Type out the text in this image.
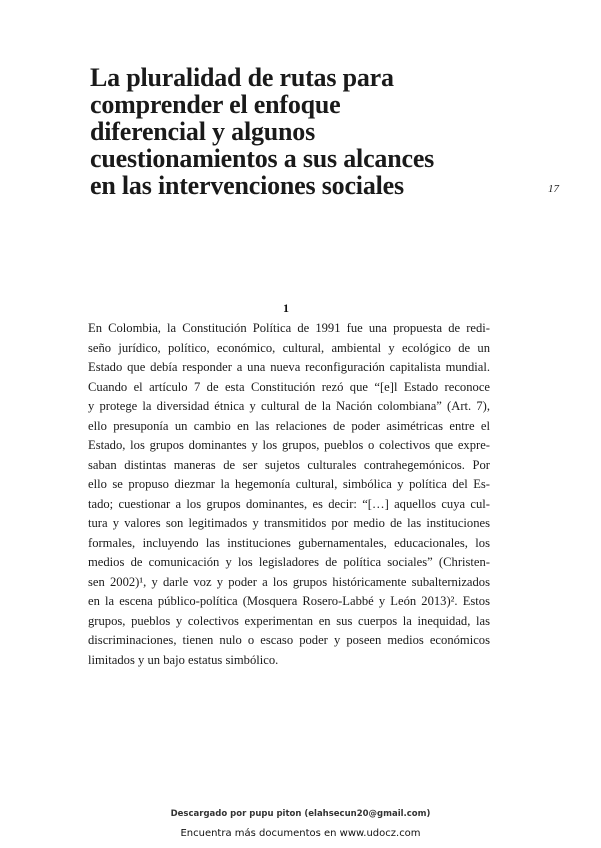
La pluralidad de rutas para
comprender el enfoque
diferencial y algunos
cuestionamientos a sus alcances
en las intervenciones sociales	17
1
En Colombia, la Constitución Política de 1991 fue una propuesta de redi-
seño jurídico, político, económico, cultural, ambiental y ecológico de un
Estado que debía responder a una nueva reconfiguración capitalista mundial.
Cuando el artículo 7 de esta Constitución rezó que “[e]l Estado reconoce
y protege la diversidad étnica y cultural de la Nación colombiana” (Art. 7),
ello presuponía un cambio en las relaciones de poder asimétricas entre el
Estado, los grupos dominantes y los grupos, pueblos o colectivos que expre-
saban distintas maneras de ser sujetos culturales contrahegemónicos. Por
ello se propuso diezmar la hegemonía cultural, simbólica y política del Es-
tado; cuestionar a los grupos dominantes, es decir: “[…] aquellos cuya cul-
tura y valores son legitimados y transmitidos por medio de las instituciones
formales, incluyendo las instituciones gubernamentales, educacionales, los
medios de comunicación y los legisladores de política sociales” (Christen-
sen 2002)¹, y darle voz y poder a los grupos históricamente subalternizados
en la escena público-política (Mosquera Rosero-Labbé y León 2013)². Estos
grupos, pueblos y colectivos experimentan en sus cuerpos la inequidad, las
discriminaciones, tienen nulo o escaso poder y poseen medios económicos
limitados y un bajo estatus simbólico.
Descargado por pupu piton (elahsecun20@gmail.com)
Encuentra más documentos en www.udocz.com
